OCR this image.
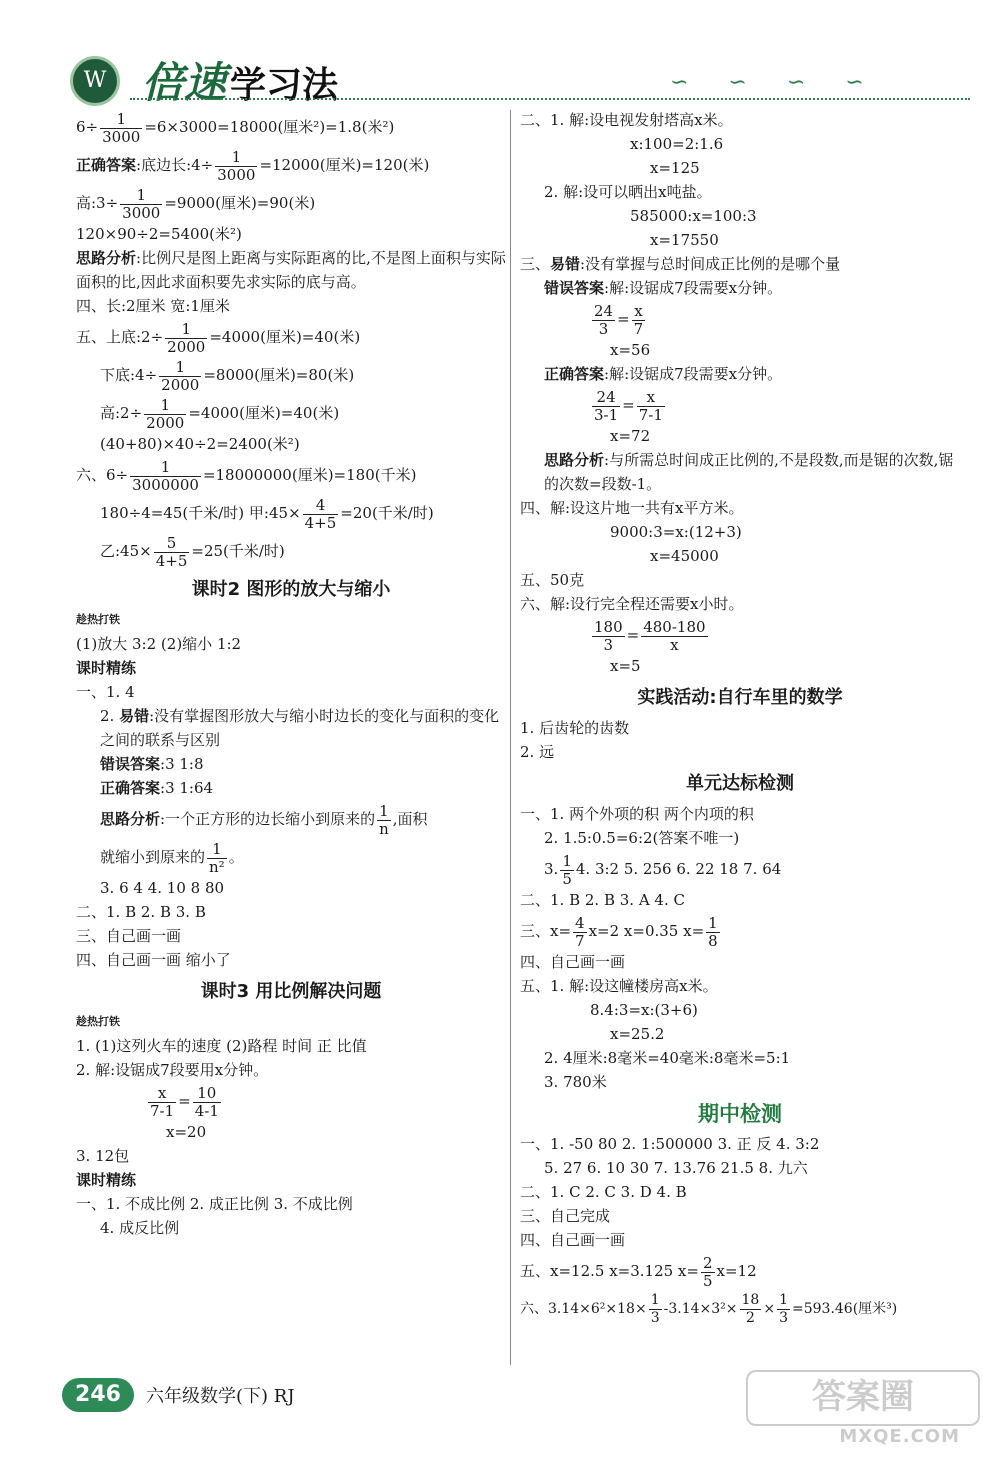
W 倍速 学习法	∽∽∽∽
$6\div \frac{1}{3000} =6\times 3000=18000$(厘米²)=1.8(米²)
正确答案:底边长:4÷ $\frac{1}{3000} =12000$(厘米)=120(米)
高:3÷ $\frac{1}{3000} =9000$(厘米)=90(米)
120×90÷2=5400(米²)
思路分析:比例尺是图上距离与实际距离的比,不是图上面积与实际面积的比,因此求面积要先求实际的底与高。
四、长:2厘米 宽:1厘米
五、上底:2÷ $\frac{1}{2000} =4000$(厘米)=40(米)
下底:4÷ $\frac{1}{2000} =8000$(厘米)=80(米)
高:2÷ $\frac{1}{2000} =4000$(厘米)=40(米)
(40+80)×40÷2=2400(米²)
六、$6\div \frac{1}{3000000} =18000000$(厘米)=180(千米)
180÷4=45(千米/时) 甲:45× $\frac{4}{4+5} =20$(千米/时)
乙:45× $\frac{5}{4+5} =25$(千米/时)
课时2 图形的放大与缩小
趁热打铁
(1)放大 3:2 (2)缩小 1:2
课时精练
一、1. 4
2. 易错:没有掌握图形放大与缩小时边长的变化与面积的变化之间的联系与区别
错误答案:3 1:8
正确答案:3 1:64
思路分析:一个正方形的边长缩小到原来的 $\frac{1}{n}$ ,面积
就缩小到原来的 $\frac{1}{\text{n²}}$ 。
3. 6 4 4. 10 8 80
二、1. B 2. B 3. B
三、自己画一画
四、自己画一画 缩小了
课时3 用比例解决问题
趁热打铁
1. (1)这列火车的速度 (2)路程 时间 正 比值
2. 解:设锯成7段要用x分钟。
$\frac{x}{7-1} = \frac{10}{4-1}$
x=20
3. 12包
课时精练
一、1. 不成比例 2. 成正比例 3. 不成比例
4. 成反比例
二、1. 解:设电视发射塔高x米。
x:100=2:1.6
x=125
2. 解:设可以晒出x吨盐。
585000:x=100:3
x=17550
三、易错:没有掌握与总时间成正比例的是哪个量
错误答案:解:设锯成7段需要x分钟。
$\frac{24}{3} = \frac{x}{7}$
x=56
正确答案:解:设锯成7段需要x分钟。
$\frac{24}{3-1} = \frac{x}{7-1}$
x=72
思路分析:与所需总时间成正比例的,不是段数,而是锯的次数,锯的次数=段数-1。
四、解:设这片地一共有x平方米。
9000:3=x:(12+3)
x=45000
五、50克
六、解:设行完全程还需要x小时。
$\frac{180}{3} = \frac{480-180}{x}$
x=5
实践活动:自行车里的数学
1. 后齿轮的齿数
2. 远
单元达标检测
一、1. 两个外项的积 两个内项的积
2. 1.5:0.5=6:2(答案不唯一)
3. $\frac{1}{5} 4$. 3:2 5. 256 6. 22 18 7. 64
二、1. B 2. B 3. A 4. C
三、$x= \frac{4}{7} x=2$ x=0.35 $x= \frac{1}{8}$
四、自己画一画
五、1. 解:设这幢楼房高x米。
8.4:3=x:(3+6)
x=25.2
2. 4厘米:8毫米=40毫米:8毫米=5:1
3. 780米
期中检测
一、1. -50 80 2. 1:500000 3. 正 反 4. 3:2
5. 27 6. 10 30 7. 13.76 21.5 8. 九六
二、1. C 2. C 3. D 4. B
三、自己完成
四、自己画一画
五、x=12.5 x=3.125 $x= \frac{2}{5} x=12$
六、$3.14\times 6^2\times 18\times \frac{1}{3} -3.14\times 3^2\times \frac{18}{2} \times \frac{1}{3} =593.46$(厘米³)
246	六年级数学(下) RJ	答案圈
MXQE.COM
